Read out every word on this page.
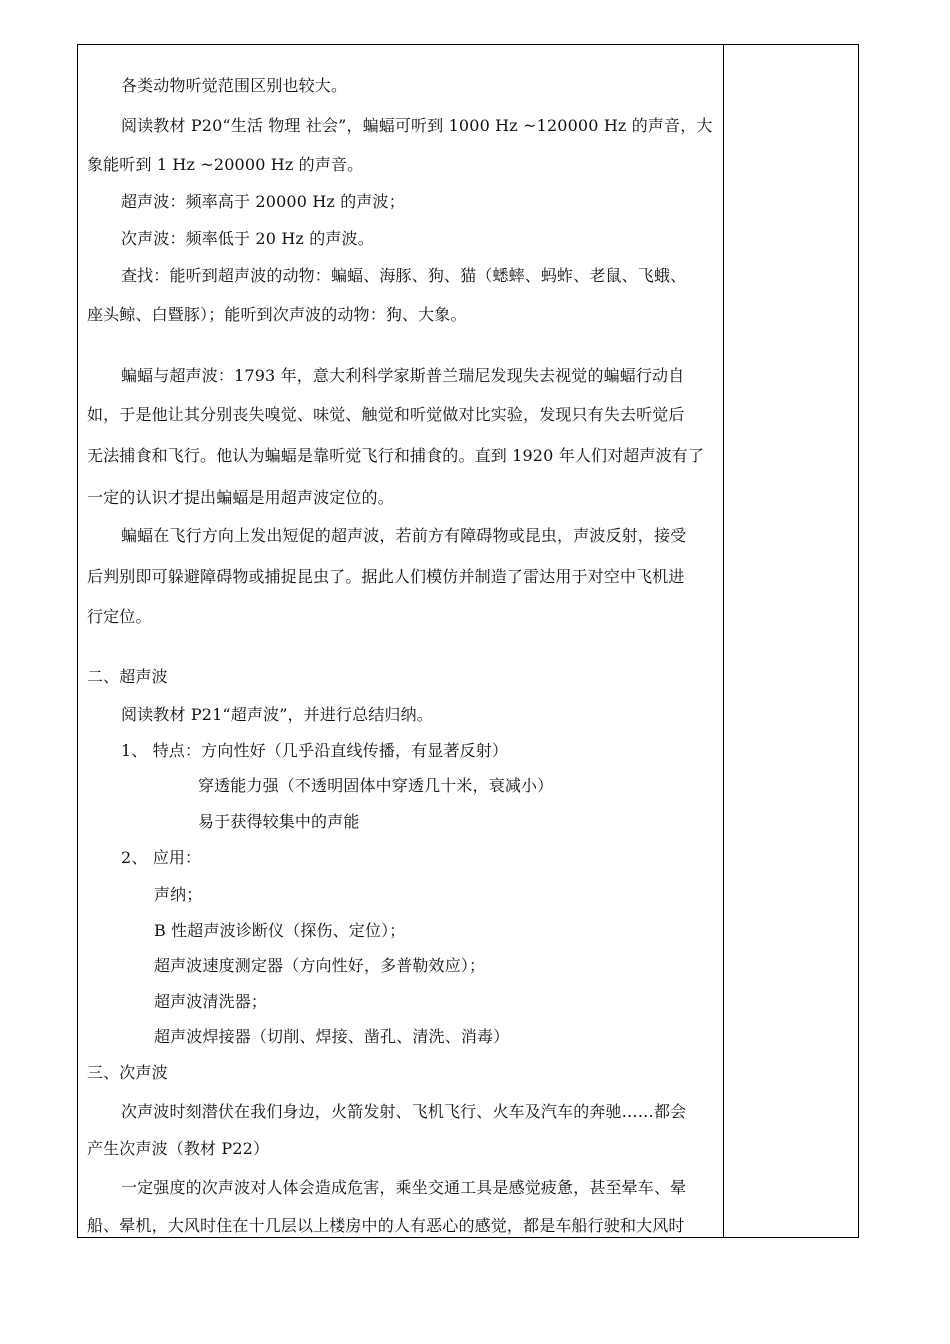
各类动物听觉范围区别也较大。
阅读教材 P20“生活 物理 社会”，蝙蝠可听到 1000 Hz ~120000 Hz 的声音，大
象能听到 1 Hz ~20000 Hz 的声音。
超声波：频率高于 20000 Hz 的声波；
次声波：频率低于 20 Hz 的声波。
查找：能听到超声波的动物：蝙蝠、海豚、狗、猫（蟋蟀、蚂蚱、老鼠、飞蛾、
座头鲸、白暨豚）；能听到次声波的动物：狗、大象。
蝙蝠与超声波：1793 年，意大利科学家斯普兰瑞尼发现失去视觉的蝙蝠行动自
如，于是他让其分别丧失嗅觉、味觉、触觉和听觉做对比实验，发现只有失去听觉后
无法捕食和飞行。他认为蝙蝠是靠听觉飞行和捕食的。直到 1920 年人们对超声波有了
一定的认识才提出蝙蝠是用超声波定位的。
蝙蝠在飞行方向上发出短促的超声波，若前方有障碍物或昆虫，声波反射，接受
后判别即可躲避障碍物或捕捉昆虫了。据此人们模仿并制造了雷达用于对空中飞机进
行定位。
二、超声波
阅读教材 P21“超声波”，并进行总结归纳。
1、 特点：方向性好（几乎沿直线传播，有显著反射）
穿透能力强（不透明固体中穿透几十米，衰减小）
易于获得较集中的声能
2、 应用：
声纳；
B 性超声波诊断仪（探伤、定位）；
超声波速度测定器（方向性好，多普勒效应）；
超声波清洗器；
超声波焊接器（切削、焊接、凿孔、清洗、消毒）
三、次声波
次声波时刻潜伏在我们身边，火箭发射、飞机飞行、火车及汽车的奔驰……都会
产生次声波（教材 P22）
一定强度的次声波对人体会造成危害，乘坐交通工具是感觉疲惫，甚至晕车、晕
船、晕机，大风时住在十几层以上楼房中的人有恶心的感觉，都是车船行驶和大风时
